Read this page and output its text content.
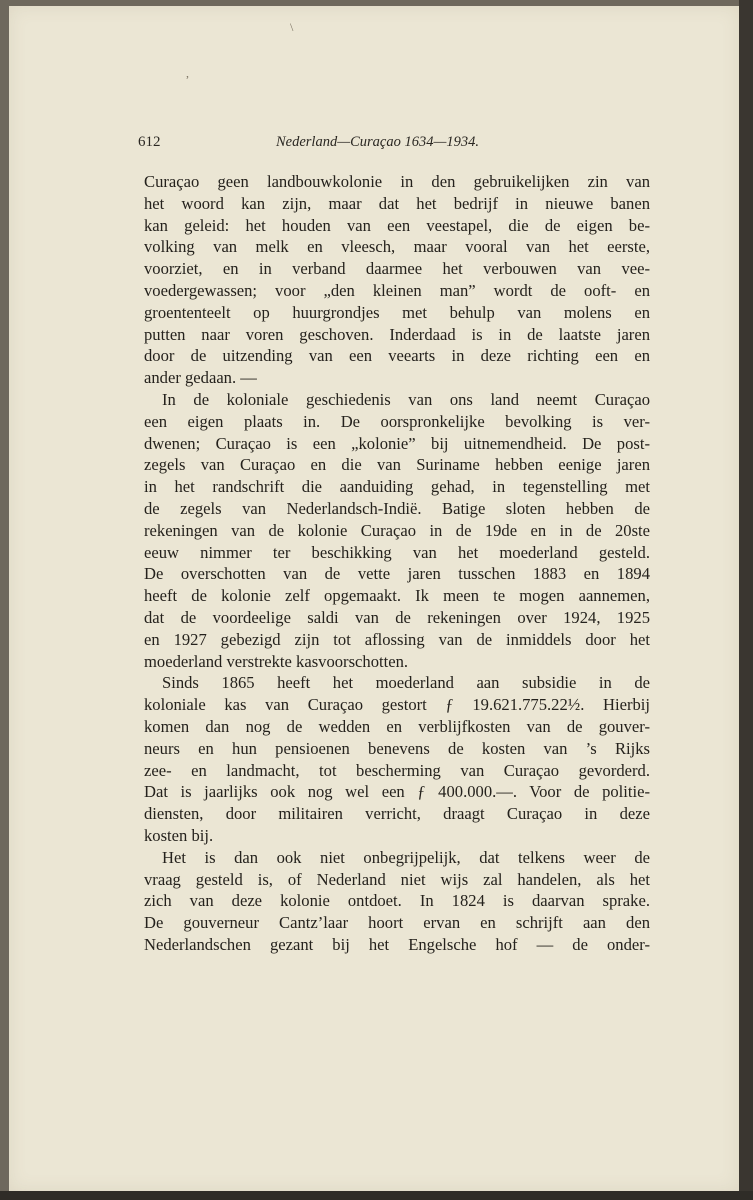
,
\
612	Nederland—Curaçao 1634—1934.
Curaçao geen landbouwkolonie in den gebruikelijken zin van
het woord kan zijn, maar dat het bedrijf in nieuwe banen
kan geleid: het houden van een veestapel, die de eigen be-
volking van melk en vleesch, maar vooral van het eerste,
voorziet, en in verband daarmee het verbouwen van vee-
voedergewassen; voor „den kleinen man” wordt de ooft- en
groententeelt op huurgrondjes met behulp van molens en
putten naar voren geschoven. Inderdaad is in de laatste jaren
door de uitzending van een veearts in deze richting een en
ander gedaan. —
In de koloniale geschiedenis van ons land neemt Curaçao
een eigen plaats in. De oorspronkelijke bevolking is ver-
dwenen; Curaçao is een „kolonie” bij uitnemendheid. De post-
zegels van Curaçao en die van Suriname hebben eenige jaren
in het randschrift die aanduiding gehad, in tegenstelling met
de zegels van Nederlandsch-Indië. Batige sloten hebben de
rekeningen van de kolonie Curaçao in de 19de en in de 20ste
eeuw nimmer ter beschikking van het moederland gesteld.
De overschotten van de vette jaren tusschen 1883 en 1894
heeft de kolonie zelf opgemaakt. Ik meen te mogen aannemen,
dat de voordeelige saldi van de rekeningen over 1924, 1925
en 1927 gebezigd zijn tot aflossing van de inmiddels door het
moederland verstrekte kasvoorschotten.
Sinds 1865 heeft het moederland aan subsidie in de
koloniale kas van Curaçao gestort ƒ 19.621.775.22½. Hierbij
komen dan nog de wedden en verblijfkosten van de gouver-
neurs en hun pensioenen benevens de kosten van ’s Rijks
zee- en landmacht, tot bescherming van Curaçao gevorderd.
Dat is jaarlijks ook nog wel een ƒ 400.000.—. Voor de politie-
diensten, door militairen verricht, draagt Curaçao in deze
kosten bij.
Het is dan ook niet onbegrijpelijk, dat telkens weer de
vraag gesteld is, of Nederland niet wijs zal handelen, als het
zich van deze kolonie ontdoet. In 1824 is daarvan sprake.
De gouverneur Cantz’laar hoort ervan en schrijft aan den
Nederlandschen gezant bij het Engelsche hof — de onder-
